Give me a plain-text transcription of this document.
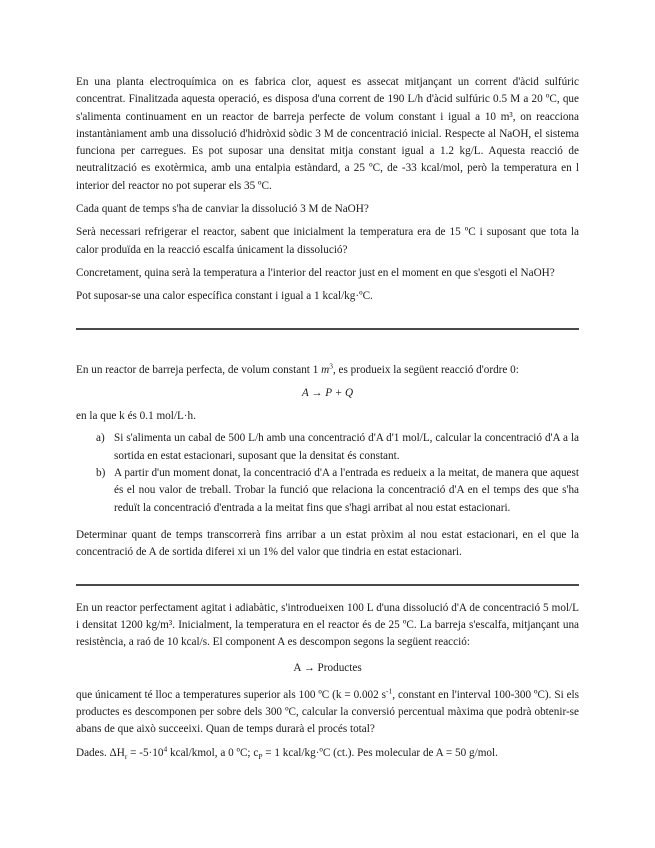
En una planta electroquímica on es fabrica clor, aquest es assecat mitjançant un corrent d'àcid sulfúric concentrat. Finalitzada aquesta operació, es disposa d'una corrent de 190 L/h d'àcid sulfúric 0.5 M a 20 ºC, que s'alimenta continuament en un reactor de barreja perfecte de volum constant i igual a 10 m³, on reacciona instantàniament amb una dissolució d'hidròxid sòdic 3 M de concentració inicial. Respecte al NaOH, el sistema funciona per carregues. Es pot suposar una densitat mitja constant igual a 1.2 kg/L. Aquesta reacció de neutralització es exotèrmica, amb una entalpia estàndard, a 25 ºC, de -33 kcal/mol, però la temperatura en l interior del reactor no pot superar els 35 ºC.

Cada quant de temps s'ha de canviar la dissolució 3 M de NaOH?

Serà necessari refrigerar el reactor, sabent que inicialment la temperatura era de 15 ºC i suposant que tota la calor produïda en la reacció escalfa únicament la dissolució?

Concretament, quina serà la temperatura a l'interior del reactor just en el moment en que s'esgoti el NaOH?

Pot suposar-se una calor específica constant i igual a 1 kcal/kg·ºC.

En un reactor de barreja perfecta, de volum constant 1 $m^3$, es produeix la següent reacció d'ordre 0:

A → P + Q

en la que k és 0.1 mol/L·h.

a) Si s'alimenta un cabal de 500 L/h amb una concentració d'A d'1 mol/L, calcular la concentració d'A a la sortida en estat estacionari, suposant que la densitat és constant.
b) A partir d'un moment donat, la concentració d'A a l'entrada es redueix a la meitat, de manera que aquest és el nou valor de treball. Trobar la funció que relaciona la concentració d'A en el temps des que s'ha reduït la concentració d'entrada a la meitat fins que s'hagi arribat al nou estat estacionari.

Determinar quant de temps transcorrerà fins arribar a un estat pròxim al nou estat estacionari, en el que la concentració de A de sortida diferei xi un 1% del valor que tindria en estat estacionari.

En un reactor perfectament agitat i adiabàtic, s'introdueixen 100 L d'una dissolució d'A de concentració 5 mol/L i densitat 1200 kg/m³. Inicialment, la temperatura en el reactor és de 25 ºC. La barreja s'escalfa, mitjançant una resistència, a raó de 10 kcal/s. El component A es descompon segons la següent reacció:

A → Productes

que únicament té lloc a temperatures superior als 100 ºC (k = 0.002 $s^{-1}$, constant en l'interval 100-300 ºC). Si els productes es descomponen per sobre dels 300 ºC, calcular la conversió percentual màxima que podrà obtenir-se abans de que això succeeixi. Quan de temps durarà el procés total?

Dades. $\Delta H_r = -5\cdot 10^4$ kcal/kmol, a 0 ºC; $c_P = 1$ kcal/kg·ºC (ct.). Pes molecular de A = 50 g/mol.
